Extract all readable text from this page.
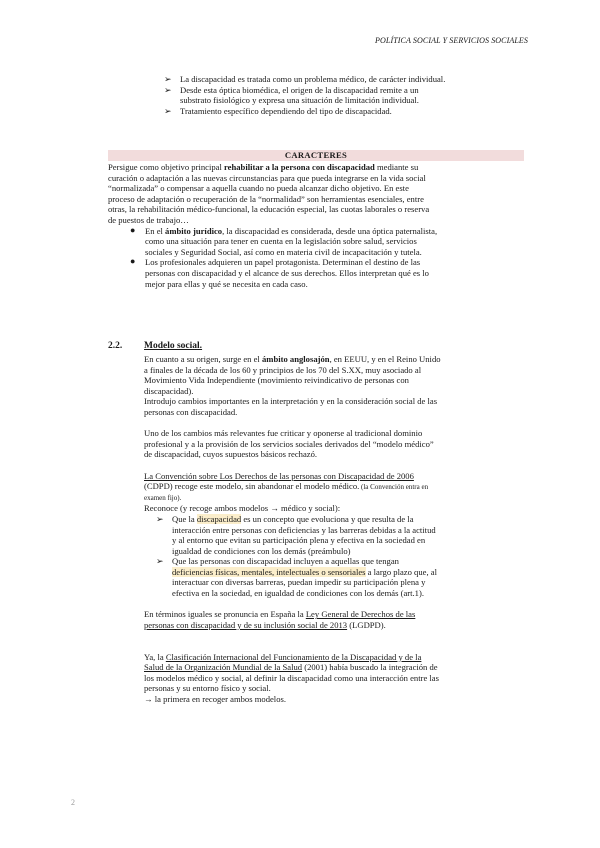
POLÍTICA SOCIAL Y SERVICIOS SOCIALES
➢ La discapacidad es tratada como un problema médico, de carácter individual.
➢ Desde esta óptica biomédica, el origen de la discapacidad remite a un
substrato fisiológico y expresa una situación de limitación individual.
➢ Tratamiento específico dependiendo del tipo de discapacidad.
CARACTERES
Persigue como objetivo principal rehabilitar a la persona con discapacidad mediante su
curación o adaptación a las nuevas circunstancias para que pueda integrarse en la vida social
“normalizada” o compensar a aquella cuando no pueda alcanzar dicho objetivo. En este
proceso de adaptación o recuperación de la “normalidad” son herramientas esenciales, entre
otras, la rehabilitación médico-funcional, la educación especial, las cuotas laborales o reserva
de puestos de trabajo…
● En el ámbito jurídico, la discapacidad es considerada, desde una óptica paternalista,
como una situación para tener en cuenta en la legislación sobre salud, servicios
sociales y Seguridad Social, así como en materia civil de incapacitación y tutela.
● Los profesionales adquieren un papel protagonista. Determinan el destino de las
personas con discapacidad y el alcance de sus derechos. Ellos interpretan qué es lo
mejor para ellas y qué se necesita en cada caso.
2.2. Modelo social.
En cuanto a su origen, surge en el ámbito anglosajón, en EEUU, y en el Reino Unido
a finales de la década de los 60 y principios de los 70 del S.XX, muy asociado al
Movimiento Vida Independiente (movimiento reivindicativo de personas con
discapacidad).
Introdujo cambios importantes en la interpretación y en la consideración social de las
personas con discapacidad.
Uno de los cambios más relevantes fue criticar y oponerse al tradicional dominio
profesional y a la provisión de los servicios sociales derivados del “modelo médico”
de discapacidad, cuyos supuestos básicos rechazó.
La Convención sobre Los Derechos de las personas con Discapacidad de 2006
(CDPD) recoge este modelo, sin abandonar el modelo médico. (la Convención entra en
examen fijo).
Reconoce (y recoge ambos modelos → médico y social):
➢ Que la discapacidad es un concepto que evoluciona y que resulta de la
interacción entre personas con deficiencias y las barreras debidas a la actitud
y al entorno que evitan su participación plena y efectiva en la sociedad en
igualdad de condiciones con los demás (preámbulo)
➢ Que las personas con discapacidad incluyen a aquellas que tengan
deficiencias físicas, mentales, intelectuales o sensoriales a largo plazo que, al
interactuar con diversas barreras, puedan impedir su participación plena y
efectiva en la sociedad, en igualdad de condiciones con los demás (art.1).
En términos iguales se pronuncia en España la Ley General de Derechos de las
personas con discapacidad y de su inclusión social de 2013 (LGDPD).
Ya, la Clasificación Internacional del Funcionamiento de la Discapacidad y de la
Salud de la Organización Mundial de la Salud (2001) había buscado la integración de
los modelos médico y social, al definir la discapacidad como una interacción entre las
personas y su entorno físico y social.
→ la primera en recoger ambos modelos.
2
